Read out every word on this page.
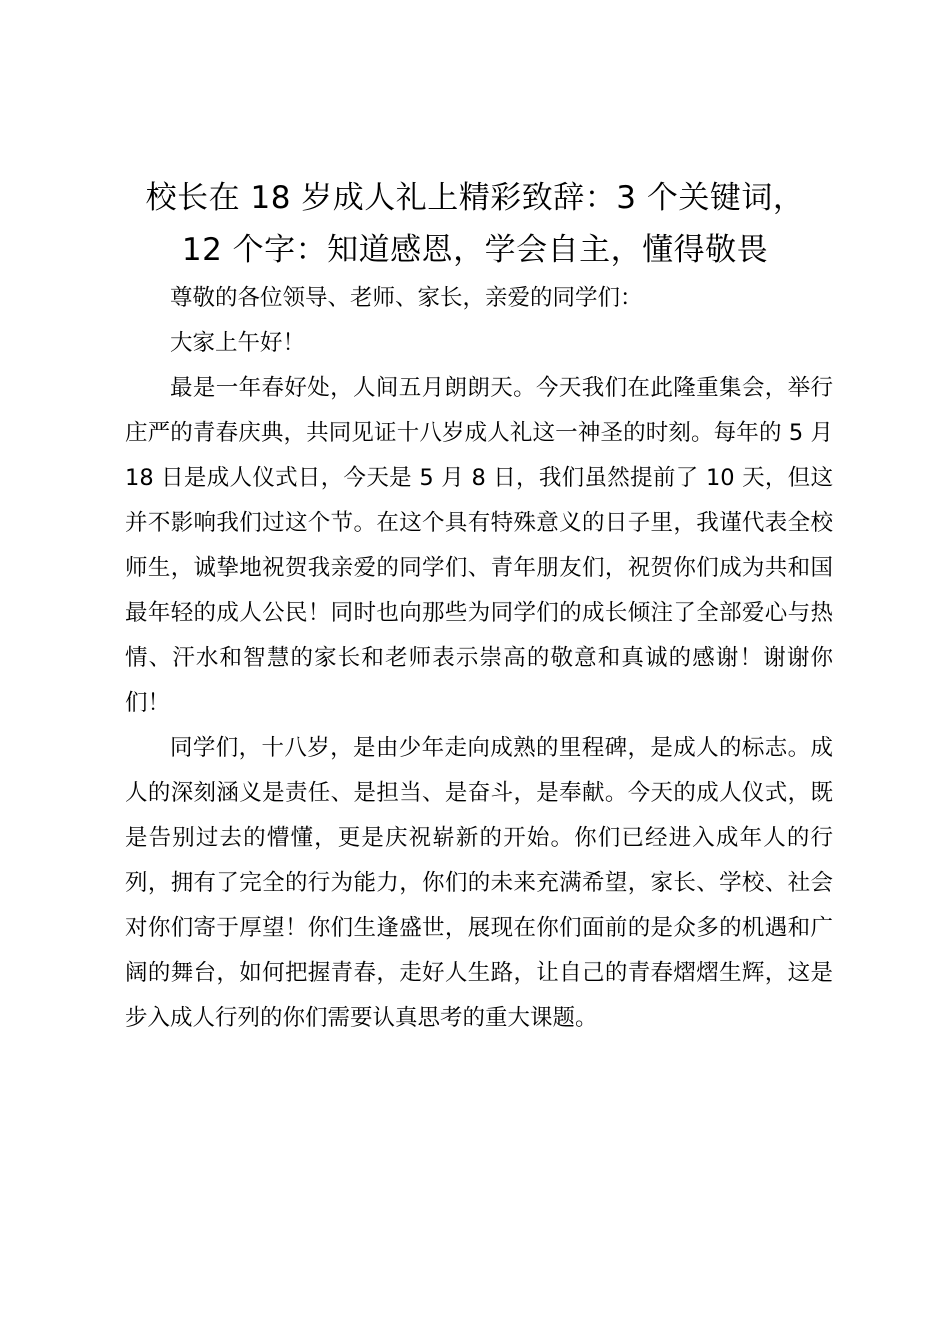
校长在 18 岁成人礼上精彩致辞：3 个关键词，
12 个字：知道感恩，学会自主，懂得敬畏

尊敬的各位领导、老师、家长，亲爱的同学们：

大家上午好！

最是一年春好处，人间五月朗朗天。今天我们在此隆重集会，举行庄严的青春庆典，共同见证十八岁成人礼这一神圣的时刻。每年的 5 月 18 日是成人仪式日，今天是 5 月 8 日，我们虽然提前了 10 天，但这并不影响我们过这个节。在这个具有特殊意义的日子里，我谨代表全校师生，诚挚地祝贺我亲爱的同学们、青年朋友们，祝贺你们成为共和国最年轻的成人公民！同时也向那些为同学们的成长倾注了全部爱心与热情、汗水和智慧的家长和老师表示崇高的敬意和真诚的感谢！谢谢你们！

同学们，十八岁，是由少年走向成熟的里程碑，是成人的标志。成人的深刻涵义是责任、是担当、是奋斗，是奉献。今天的成人仪式，既是告别过去的懵懂，更是庆祝崭新的开始。你们已经进入成年人的行列，拥有了完全的行为能力，你们的未来充满希望，家长、学校、社会对你们寄于厚望！你们生逢盛世，展现在你们面前的是众多的机遇和广阔的舞台，如何把握青春，走好人生路，让自己的青春熠熠生辉，这是步入成人行列的你们需要认真思考的重大课题。
